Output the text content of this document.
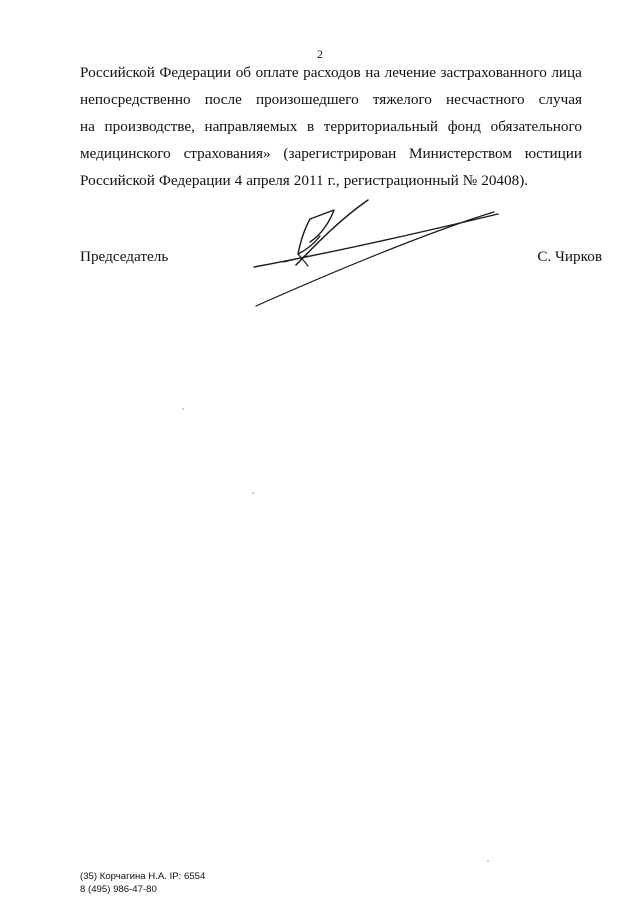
2
Российской Федерации об оплате расходов на лечение застрахованного лица
непосредственно после произошедшего тяжелого несчастного случая
на производстве, направляемых в территориальный фонд обязательного
медицинского страхования» (зарегистрирован Министерством юстиции
Российской Федерации 4 апреля 2011 г., регистрационный № 20408).
Председатель	С. Чирков
(35) Корчагина Н.А. IP: 6554
8 (495) 986-47-80
